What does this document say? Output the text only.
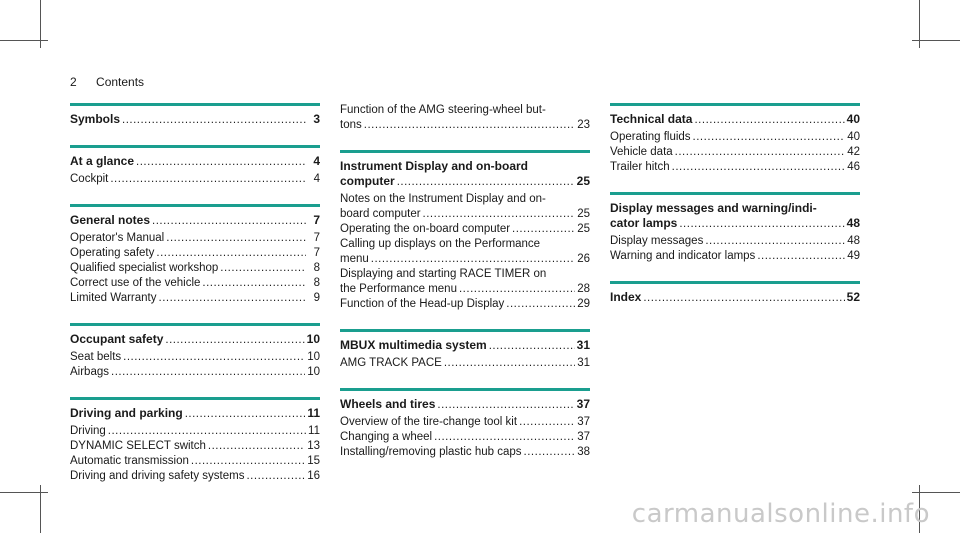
2 Contents
Symbols .....	3
At a glance .....	4
Cockpit .....	4
General notes .....	7
Operator's Manual .....	7
Operating safety .....	7
Qualified specialist workshop .....	8
Correct use of the vehicle .....	8
Limited Warranty .....	9
Occupant safety .....	10
Seat belts .....	10
Airbags .....	10
Driving and parking .....	11
Driving .....	11
DYNAMIC SELECT switch .....	13
Automatic transmission .....	15
Driving and driving safety systems .....	16
Function of the AMG steering-wheel but-
tons .....	23
Instrument Display and on-board
computer .....	25
Notes on the Instrument Display and on-
board computer .....	25
Operating the on-board computer .....	25
Calling up displays on the Performance
menu .....	26
Displaying and starting RACE TIMER on
the Performance menu .....	28
Function of the Head-up Display .....	29
MBUX multimedia system .....	31
AMG TRACK PACE .....	31
Wheels and tires .....	37
Overview of the tire-change tool kit .....	37
Changing a wheel .....	37
Installing/removing plastic hub caps .....	38
Technical data .....	40
Operating fluids .....	40
Vehicle data .....	42
Trailer hitch .....	46
Display messages and warning/indi-
cator lamps .....	48
Display messages .....	48
Warning and indicator lamps .....	49
Index .....	52
carmanualsonline.info
